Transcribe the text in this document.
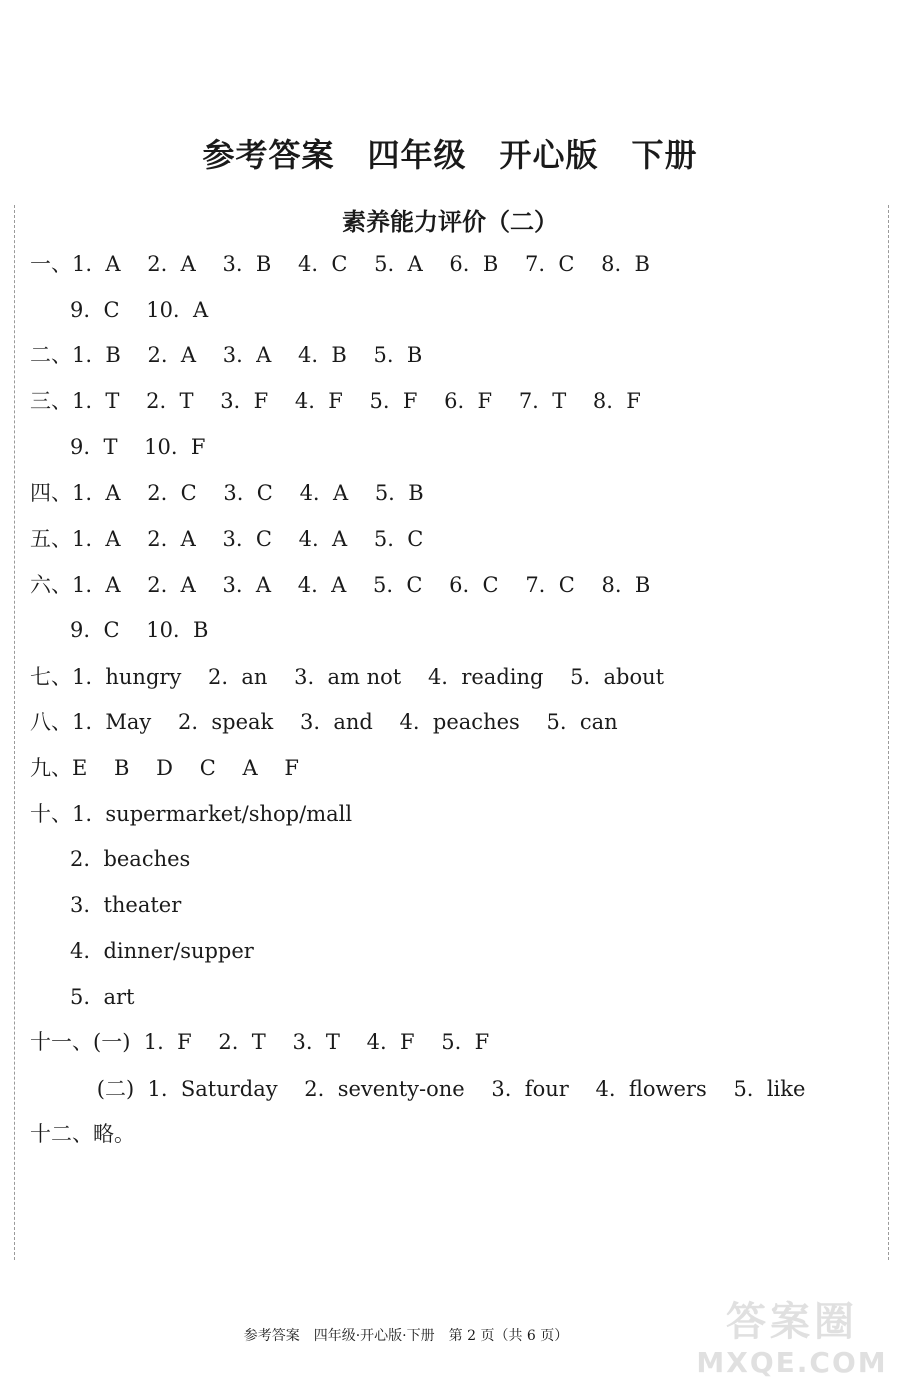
参考答案　四年级　开心版　下册
素养能力评价（二）
一、1.  A    2.  A    3.  B    4.  C    5.  A    6.  B    7.  C    8.  B
9.  C    10.  A
二、1.  B    2.  A    3.  A    4.  B    5.  B
三、1.  T    2.  T    3.  F    4.  F    5.  F    6.  F    7.  T    8.  F
9.  T    10.  F
四、1.  A    2.  C    3.  C    4.  A    5.  B
五、1.  A    2.  A    3.  C    4.  A    5.  C
六、1.  A    2.  A    3.  A    4.  A    5.  C    6.  C    7.  C    8.  B
9.  C    10.  B
七、1.  hungry    2.  an    3.  am not    4.  reading    5.  about
八、1.  May    2.  speak    3.  and    4.  peaches    5.  can
九、E    B    D    C    A    F
十、1.  supermarket/shop/mall
2.  beaches
3.  theater
4.  dinner/supper
5.  art
十一、(一)  1.  F    2.  T    3.  T    4.  F    5.  F
(二)  1.  Saturday    2.  seventy-one    3.  four    4.  flowers    5.  like
十二、略。
参考答案　四年级·开心版·下册　第 2 页（共 6 页）	答案圈
MXQE.COM
